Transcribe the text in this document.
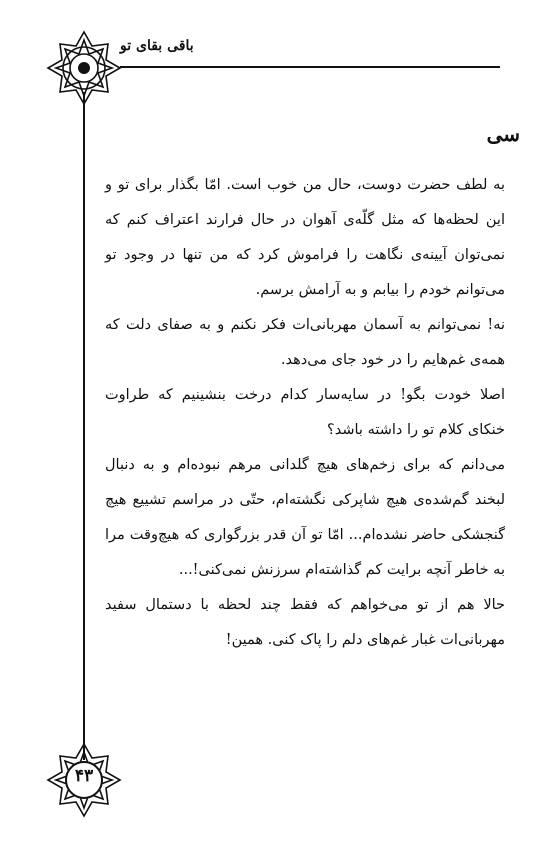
باقی بقای تو
سی

به لطف حضرت دوست، حال من خوب است. امّا بگذار برای تو و این لحظه‌ها که مثل گلّه‌ی آهوان در حال فرارند اعتراف کنم که نمی‌توان آیینه‌ی نگاهت را فراموش کرد که من تنها در وجود تو می‌توانم خودم را بیابم و به آرامش برسم.

نه! نمی‌توانم به آسمان مهربانی‌ات فکر نکنم و به صفای دلت که همه‌ی غم‌هایم را در خود جای می‌دهد.

اصلا خودت بگو! در سایه‌سار کدام درخت بنشینیم که طراوت خنکای کلام تو را داشته باشد؟

می‌دانم که برای زخم‌های هیچ گلدانی مرهم نبوده‌ام و به دنبال لبخند گم‌شده‌ی هیچ شاپرکی نگشته‌ام، حتّی در مراسم تشییع هیچ گنجشکی حاضر نشده‌ام... امّا تو آن قدر بزرگواری که هیچ‌وقت مرا به خاطر آنچه برایت کم گذاشته‌ام سرزنش نمی‌کنی!...

حالا هم از تو می‌خواهم که فقط چند لحظه با دستمال سفید مهربانی‌ات غبار غم‌های دلم را پاک کنی. همین!

۴۳
